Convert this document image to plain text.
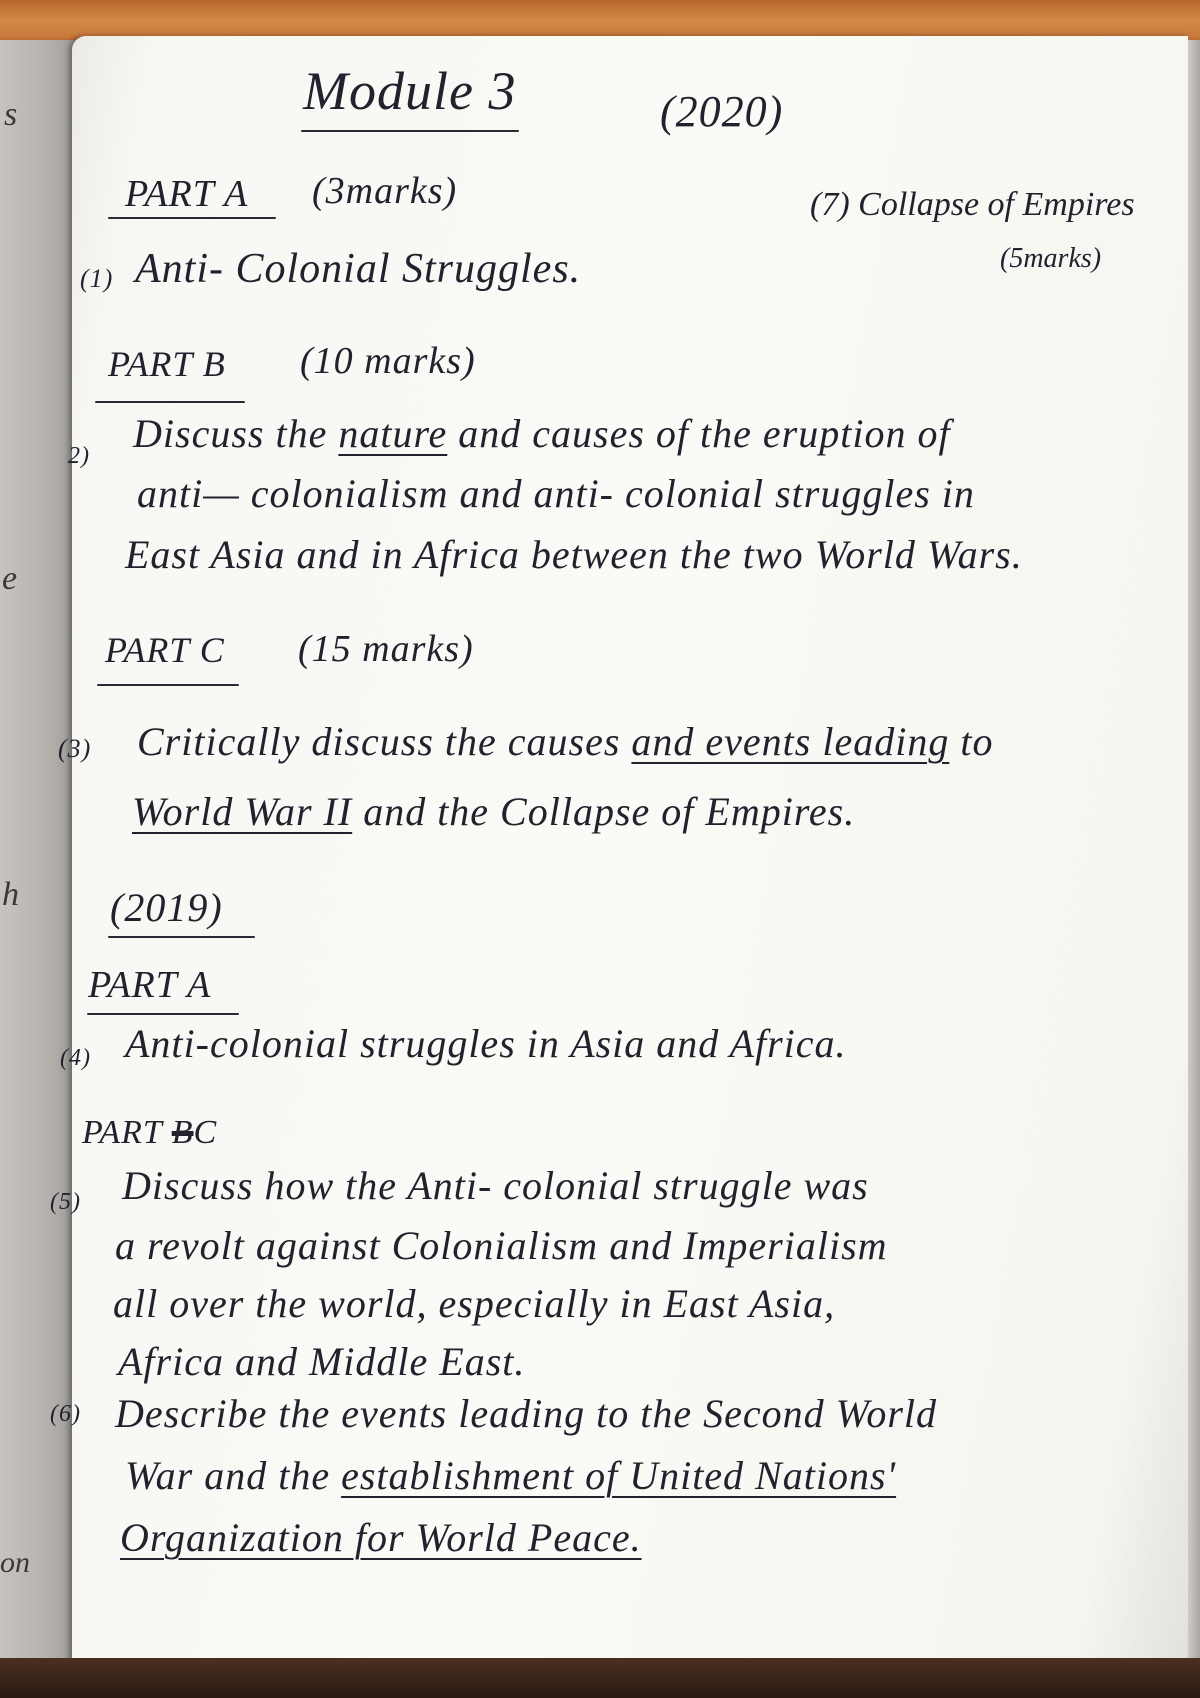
s
e
h
on
Module 3	(2020)
PART A (3marks)	(7) Collapse of Empires
(5marks)
(1) Anti- Colonial Struggles.
PART B (10 marks)
2) Discuss the nature and causes of the eruption of
anti— colonialism and anti- colonial struggles in
East Asia and in Africa between the two World Wars.
PART C (15 marks)
(3) Critically discuss the causes and events leading to
World War II and the Collapse of Empires.
(2019)
PART A
(4) Anti-colonial struggles in Asia and Africa.
PART BC
(5) Discuss how the Anti- colonial struggle was
a revolt against Colonialism and Imperialism
all over the world, especially in East Asia,
Africa and Middle East.
(6) Describe the events leading to the Second World
War and the establishment of United Nations'
Organization for World Peace.
